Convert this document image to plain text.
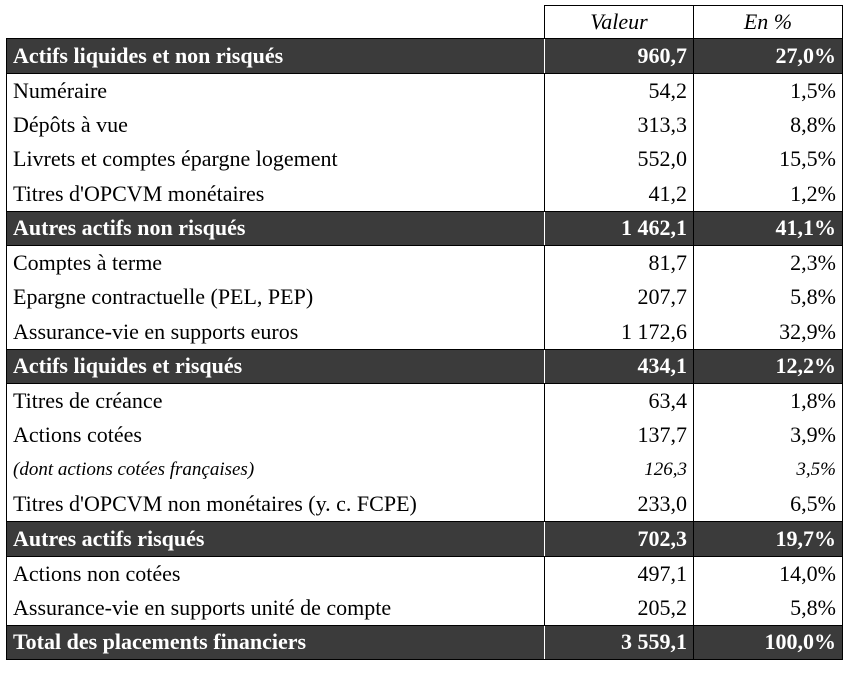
	Valeur	En %
Actifs liquides et non risqués	960,7	27,0%
Numéraire	54,2	1,5%
Dépôts à vue	313,3	8,8%
Livrets et comptes épargne logement	552,0	15,5%
Titres d'OPCVM monétaires	41,2	1,2%
Autres actifs non risqués	1 462,1	41,1%
Comptes à terme	81,7	2,3%
Epargne contractuelle (PEL, PEP)	207,7	5,8%
Assurance-vie en supports euros	1 172,6	32,9%
Actifs liquides et risqués	434,1	12,2%
Titres de créance	63,4	1,8%
Actions cotées	137,7	3,9%
(dont actions cotées françaises)	126,3	3,5%
Titres d'OPCVM non monétaires (y. c. FCPE)	233,0	6,5%
Autres actifs risqués	702,3	19,7%
Actions non cotées	497,1	14,0%
Assurance-vie en supports unité de compte	205,2	5,8%
Total des placements financiers	3 559,1	100,0%
